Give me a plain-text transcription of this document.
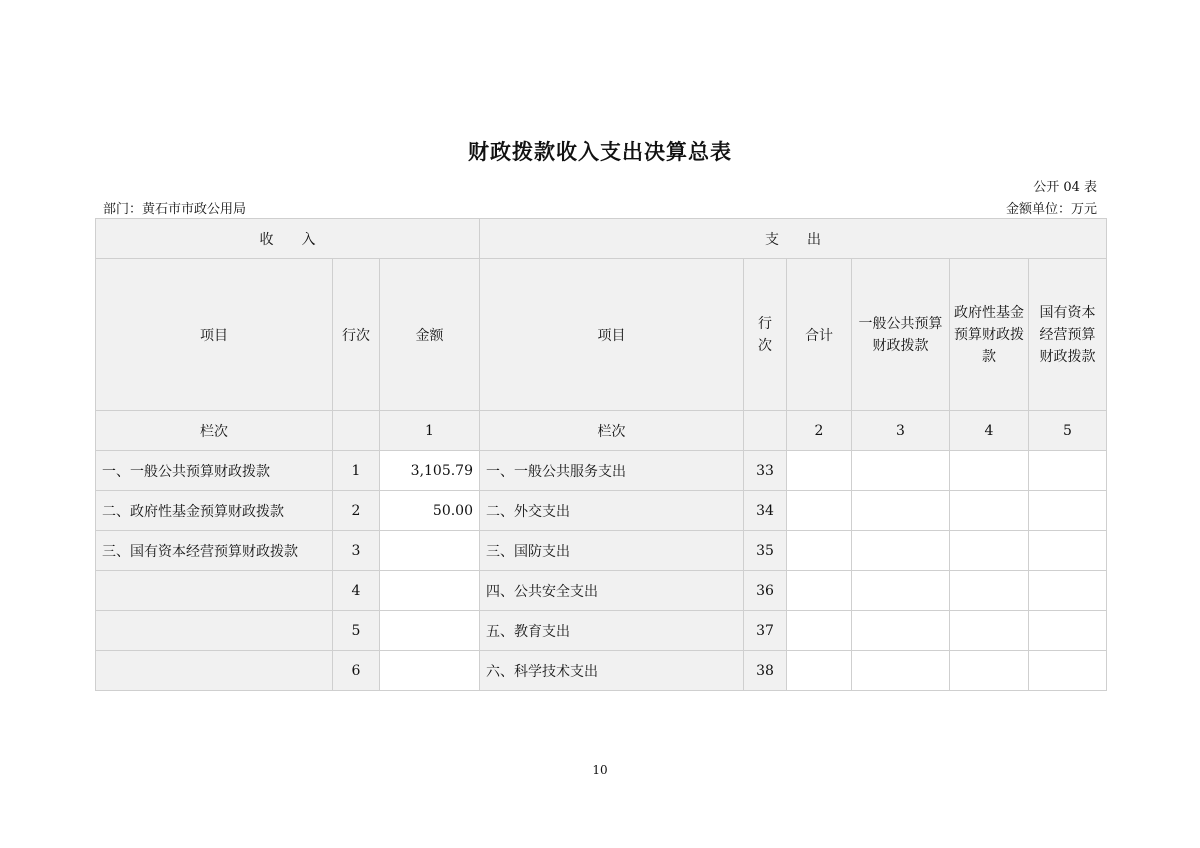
财政拨款收入支出决算总表
公开 04 表
部门：黄石市市政公用局	金额单位：万元
收　　入			支　　出					
项目	行次	金额	项目	行次	合计	一般公共预算财政拨款	政府性基金预算财政拨款	国有资本经营预算财政拨款
栏次		1	栏次		2	3	4	5
一、一般公共预算财政拨款	1	3,105.79	一、一般公共服务支出	33				
二、政府性基金预算财政拨款	2	50.00	二、外交支出	34				
三、国有资本经营预算财政拨款	3		三、国防支出	35				
	4		四、公共安全支出	36				
	5		五、教育支出	37				
	6		六、科学技术支出	38				
10
